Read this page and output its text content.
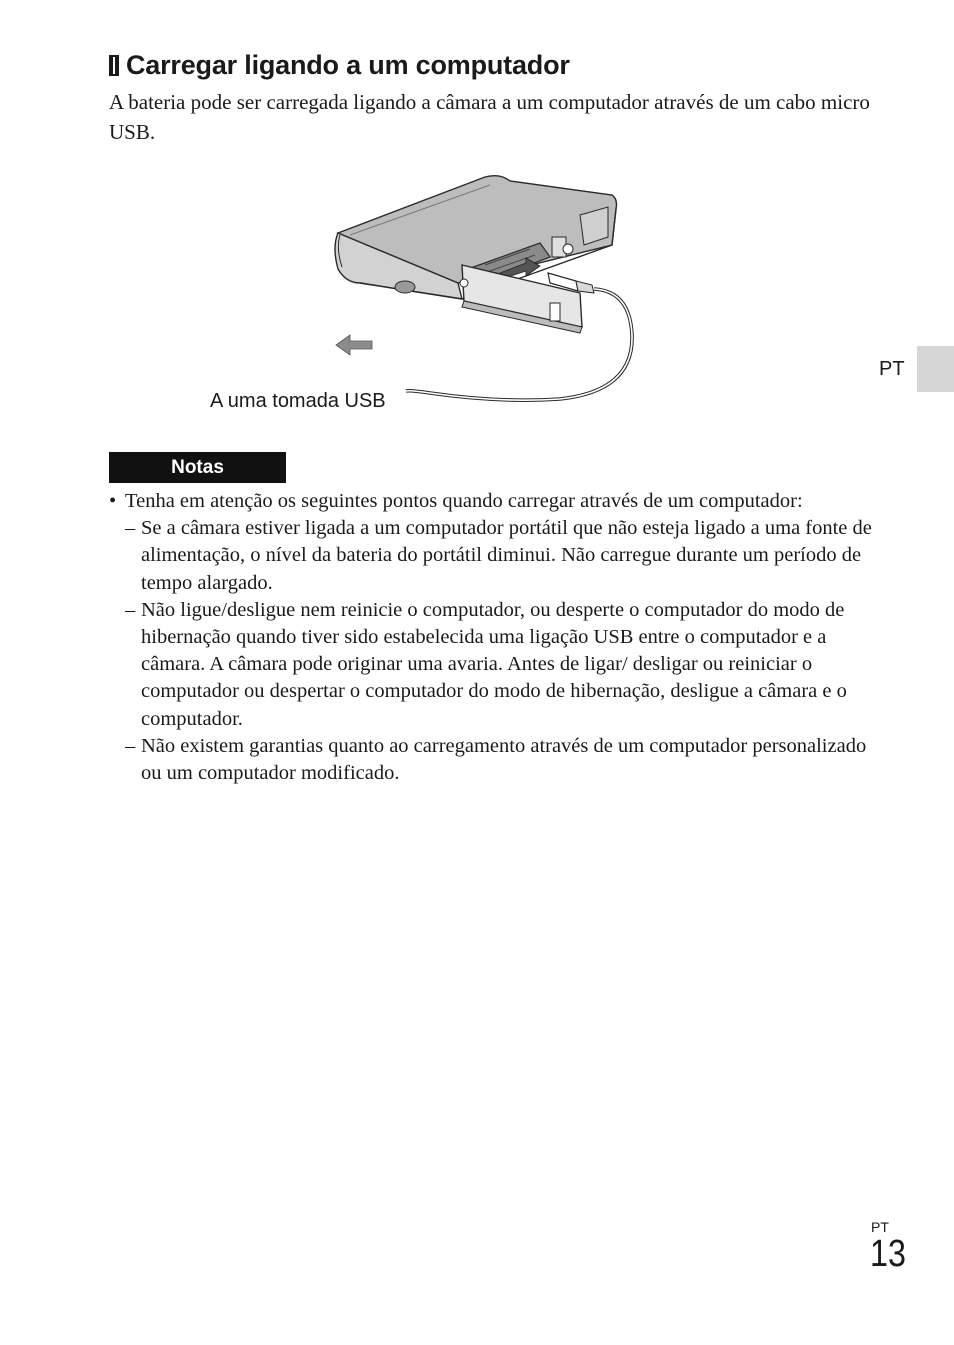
Carregar ligando a um computador
A bateria pode ser carregada ligando a câmara a um computador através de um cabo micro USB.
A uma tomada USB
PT
Notas
• Tenha em atenção os seguintes pontos quando carregar através de um computador:
– Se a câmara estiver ligada a um computador portátil que não esteja ligado a uma fonte de alimentação, o nível da bateria do portátil diminui. Não carregue durante um período de tempo alargado.
– Não ligue/desligue nem reinicie o computador, ou desperte o computador do modo de hibernação quando tiver sido estabelecida uma ligação USB entre o computador e a câmara. A câmara pode originar uma avaria. Antes de ligar/ desligar ou reiniciar o computador ou despertar o computador do modo de hibernação, desligue a câmara e o computador.
– Não existem garantias quanto ao carregamento através de um computador personalizado ou um computador modificado.
PT
13
